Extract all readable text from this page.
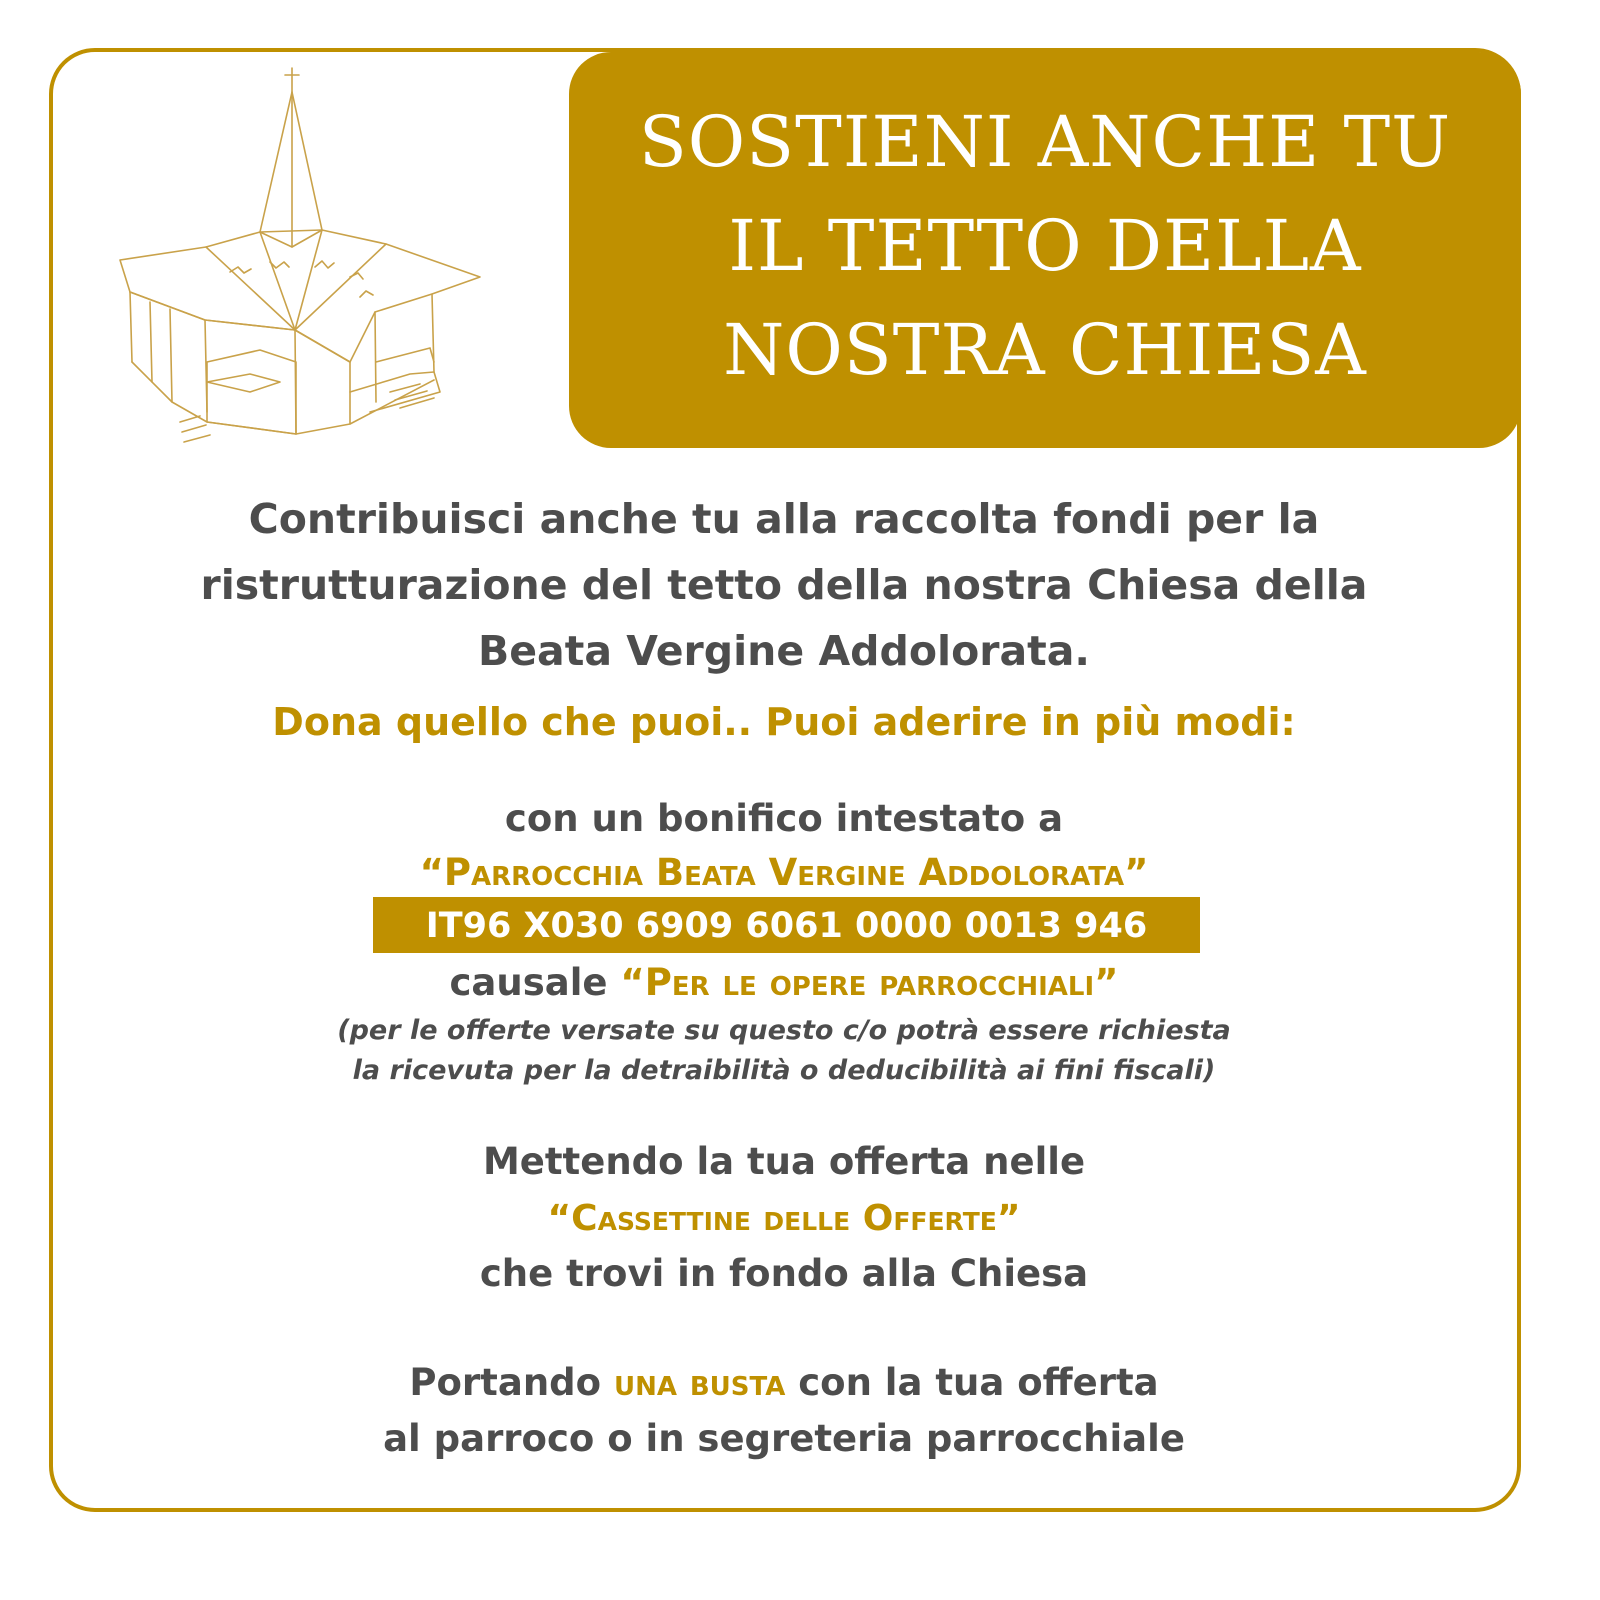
SOSTIENI ANCHE TU
IL TETTO DELLA
NOSTRA CHIESA
Contribuisci anche tu alla raccolta fondi per la
ristrutturazione del tetto della nostra Chiesa della
Beata Vergine Addolorata.
Dona quello che puoi.. Puoi aderire in più modi:
con un bonifico intestato a
“Parrocchia Beata Vergine Addolorata”
IT96 X030 6909 6061 0000 0013 946
causale “Per le opere parrocchiali”
(per le offerte versate su questo c/o potrà essere richiesta
la ricevuta per la detraibilità o deducibilità ai fini fiscali)
Mettendo la tua offerta nelle
“Cassettine delle Offerte”
che trovi in fondo alla Chiesa
Portando una busta con la tua offerta
al parroco o in segreteria parrocchiale
